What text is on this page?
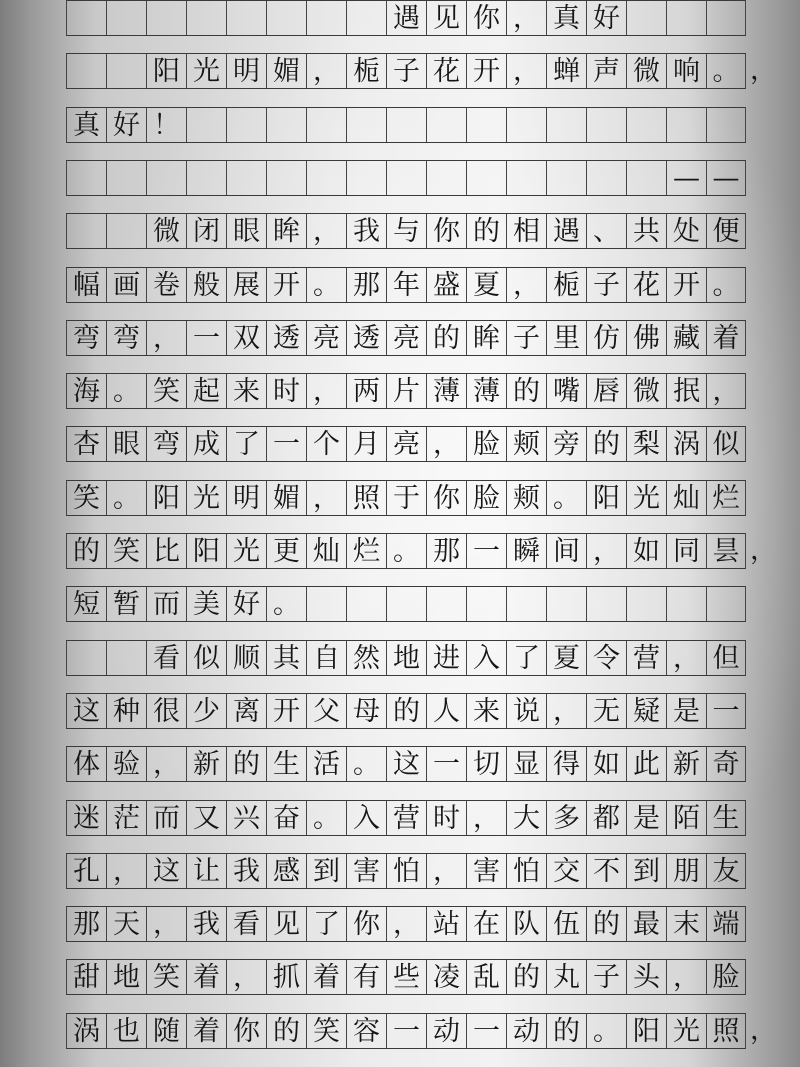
遇 见 你 ， 真 好
阳 光 明 媚 ， 栀 子 花 开 ， 蝉 声 微 响 。 ，
真 好 ！
— —
微 闭 眼 眸 ， 我 与 你 的 相 遇 、 共 处 便
幅 画 卷 般 展 开 。 那 年 盛 夏 ， 栀 子 花 开 。
弯 弯 ， 一 双 透 亮 透 亮 的 眸 子 里 仿 佛 藏 着
海 。 笑 起 来 时 ， 两 片 薄 薄 的 嘴 唇 微 抿 ，
杏 眼 弯 成 了 一 个 月 亮 ， 脸 颊 旁 的 梨 涡 似
笑 。 阳 光 明 媚 ， 照 于 你 脸 颊 。 阳 光 灿 烂
的 笑 比 阳 光 更 灿 烂 。 那 一 瞬 间 ， 如 同 昙 ，
短 暂 而 美 好 。
看 似 顺 其 自 然 地 进 入 了 夏 令 营 ， 但
这 种 很 少 离 开 父 母 的 人 来 说 ， 无 疑 是 一
体 验 ， 新 的 生 活 。 这 一 切 显 得 如 此 新 奇
迷 茫 而 又 兴 奋 。 入 营 时 ， 大 多 都 是 陌 生
孔 ， 这 让 我 感 到 害 怕 ， 害 怕 交 不 到 朋 友
那 天 ， 我 看 见 了 你 ， 站 在 队 伍 的 最 末 端
甜 地 笑 着 ， 抓 着 有 些 凌 乱 的 丸 子 头 ， 脸
涡 也 随 着 你 的 笑 容 一 动 一 动 的 。 阳 光 照 ，
